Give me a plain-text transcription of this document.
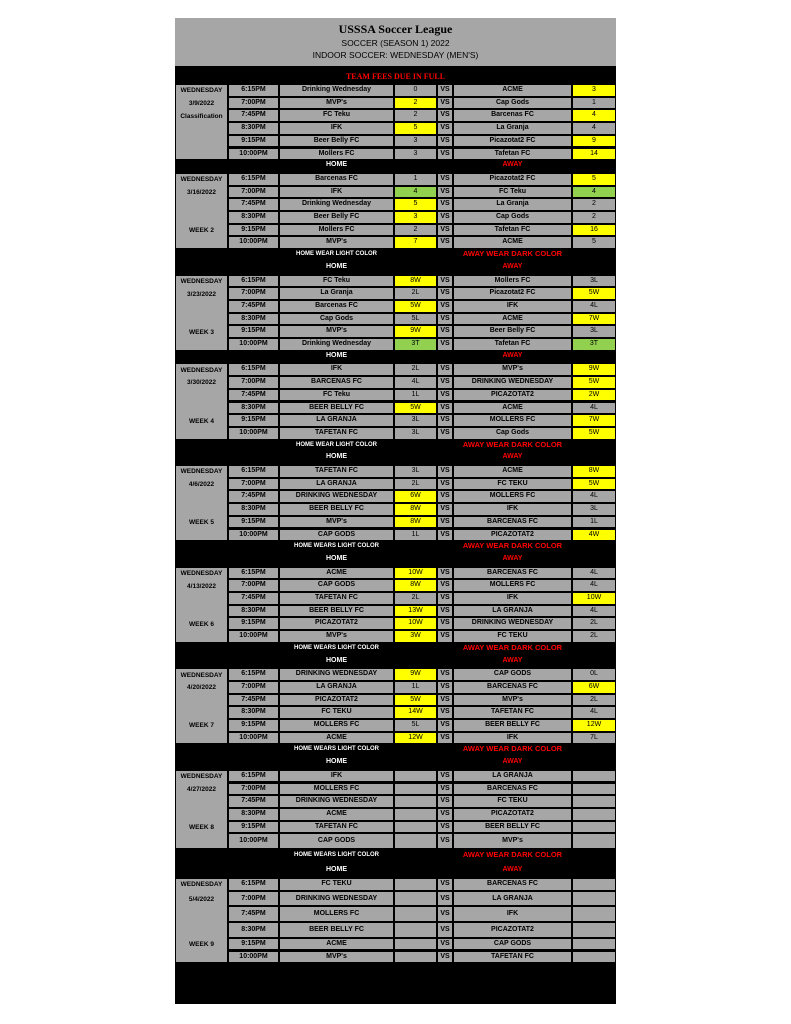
USSSA Soccer League
SOCCER (SEASON 1) 2022
INDOOR SOCCER: WEDNESDAY (MEN'S)
TEAM FEES DUE IN FULL
6:15PM	Drinking Wednesday	0	VS	ACME	3
7:00PM	MVP's	2	VS	Cap Gods	1
7:45PM	FC Teku	2	VS	Barcenas FC	4
8:30PM	IFK	5	VS	La Granja	4
9:15PM	Beer Belly FC	3	VS	Picazotat2 FC	9
10:00PM	Mollers FC	3	VS	Tafetan FC	14
WEDNESDAY
3/9/2022
Classification
HOME	AWAY
6:15PM	Barcenas FC	1	VS	Picazotat2 FC	5
7:00PM	IFK	4	VS	FC Teku	4
7:45PM	Drinking Wednesday	5	VS	La Granja	2
8:30PM	Beer Belly FC	3	VS	Cap Gods	2
9:15PM	Mollers FC	2	VS	Tafetan FC	16
10:00PM	MVP's	7	VS	ACME	5
WEDNESDAY
3/16/2022
WEEK 2
HOME WEAR LIGHT COLOR	AWAY WEAR DARK COLOR
HOME	AWAY
6:15PM	FC Teku	8W	VS	Mollers FC	3L
7:00PM	La Granja	2L	VS	Picazotat2 FC	5W
7:45PM	Barcenas FC	5W	VS	IFK	4L
8:30PM	Cap Gods	5L	VS	ACME	7W
9:15PM	MVP's	9W	VS	Beer Belly FC	3L
10:00PM	Drinking Wednesday	3T	VS	Tafetan FC	3T
WEDNESDAY
3/23/2022
WEEK 3
HOME	AWAY
6:15PM	IFK	2L	VS	MVP's	9W
7:00PM	BARCENAS FC	4L	VS	DRINKING WEDNESDAY	5W
7:45PM	FC Teku	1L	VS	PICAZOTAT2	2W
8:30PM	BEER BELLY FC	5W	VS	ACME	4L
9:15PM	LA GRANJA	3L	VS	MOLLERS FC	7W
10:00PM	TAFETAN FC	3L	VS	Cap Gods	5W
WEDNESDAY
3/30/2022
WEEK 4
HOME WEAR LIGHT COLOR	AWAY WEAR DARK COLOR
HOME	AWAY
6:15PM	TAFETAN FC	3L	VS	ACME	8W
7:00PM	LA GRANJA	2L	VS	FC TEKU	5W
7:45PM	DRINKING WEDNESDAY	6W	VS	MOLLERS FC	4L
8:30PM	BEER BELLY FC	8W	VS	IFK	3L
9:15PM	MVP's	8W	VS	BARCENAS FC	1L
10:00PM	CAP GODS	1L	VS	PICAZOTAT2	4W
WEDNESDAY
4/6/2022
WEEK 5
HOME WEARS LIGHT COLOR	AWAY WEAR DARK COLOR
HOME	AWAY
6:15PM	ACME	10W	VS	BARCENAS FC	4L
7:00PM	CAP GODS	8W	VS	MOLLERS FC	4L
7:45PM	TAFETAN FC	2L	VS	IFK	10W
8:30PM	BEER BELLY FC	13W	VS	LA GRANJA	4L
9:15PM	PICAZOTAT2	10W	VS	DRINKING WEDNESDAY	2L
10:00PM	MVP's	3W	VS	FC TEKU	2L
WEDNESDAY
4/13/2022
WEEK 6
HOME WEARS LIGHT COLOR	AWAY WEAR DARK COLOR
HOME	AWAY
6:15PM	DRINKING WEDNESDAY	9W	VS	CAP GODS	0L
7:00PM	LA GRANJA	1L	VS	BARCENAS FC	6W
7:45PM	PICAZOTAT2	5W	VS	MVP's	2L
8:30PM	FC TEKU	14W	VS	TAFETAN FC	4L
9:15PM	MOLLERS FC	5L	VS	BEER BELLY FC	12W
10:00PM	ACME	12W	VS	IFK	7L
WEDNESDAY
4/20/2022
WEEK 7
HOME WEARS LIGHT COLOR	AWAY WEAR DARK COLOR
HOME	AWAY
6:15PM	IFK	VS	LA GRANJA
7:00PM	MOLLERS FC	VS	BARCENAS FC
7:45PM	DRINKING WEDNESDAY	VS	FC TEKU
8:30PM	ACME	VS	PICAZOTAT2
9:15PM	TAFETAN FC	VS	BEER BELLY FC
10:00PM	CAP GODS	VS	MVP's
WEDNESDAY
4/27/2022
WEEK 8
HOME WEARS LIGHT COLOR	AWAY WEAR DARK COLOR
HOME	AWAY
6:15PM	FC TEKU	VS	BARCENAS FC
7:00PM	DRINKING WEDNESDAY	VS	LA GRANJA
7:45PM	MOLLERS FC	VS	IFK
8:30PM	BEER BELLY FC	VS	PICAZOTAT2
9:15PM	ACME	VS	CAP GODS
10:00PM	MVP's	VS	TAFETAN FC
WEDNESDAY
5/4/2022
WEEK 9
